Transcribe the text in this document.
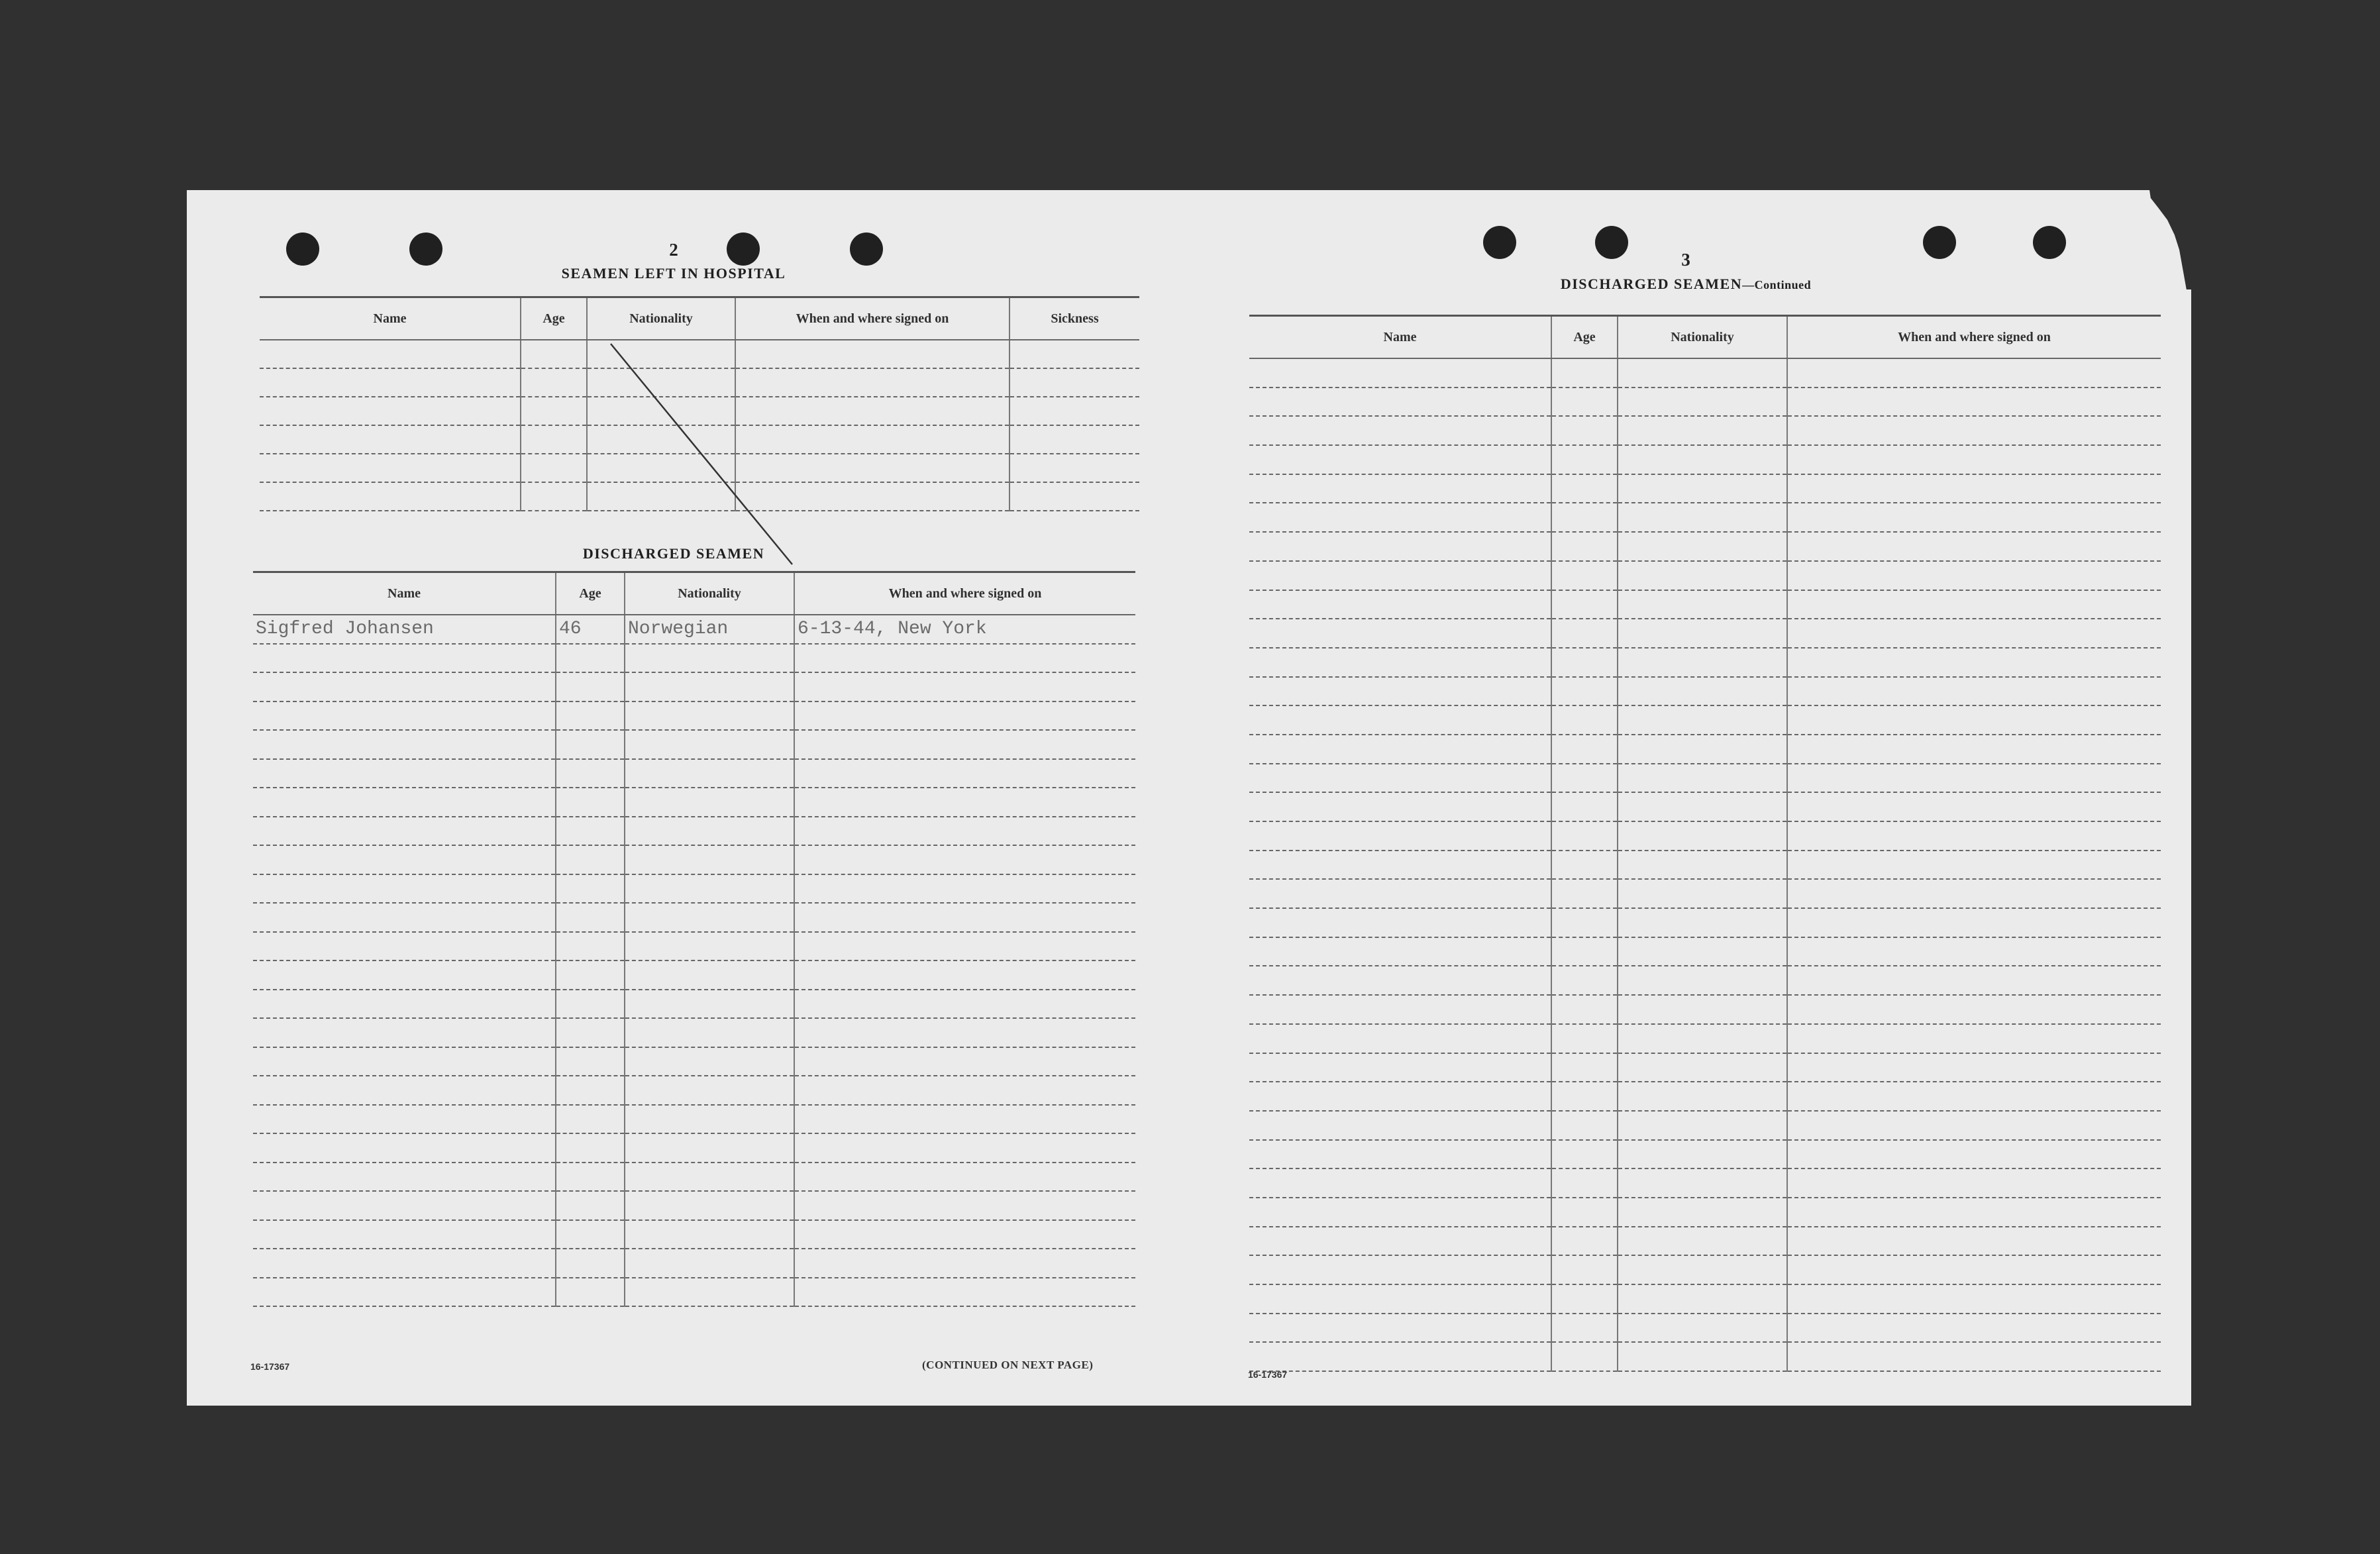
2
SEAMEN LEFT IN HOSPITAL
Name	Age	Nationality	When and where signed on	Sickness

DISCHARGED SEAMEN
Name	Age	Nationality	When and where signed on
Sigfred Johansen	46	Norwegian	6-13-44, New York

16-17367	(CONTINUED ON NEXT PAGE)
3
DISCHARGED SEAMEN—Continued
Name	Age	Nationality	When and where signed on

16-17367
